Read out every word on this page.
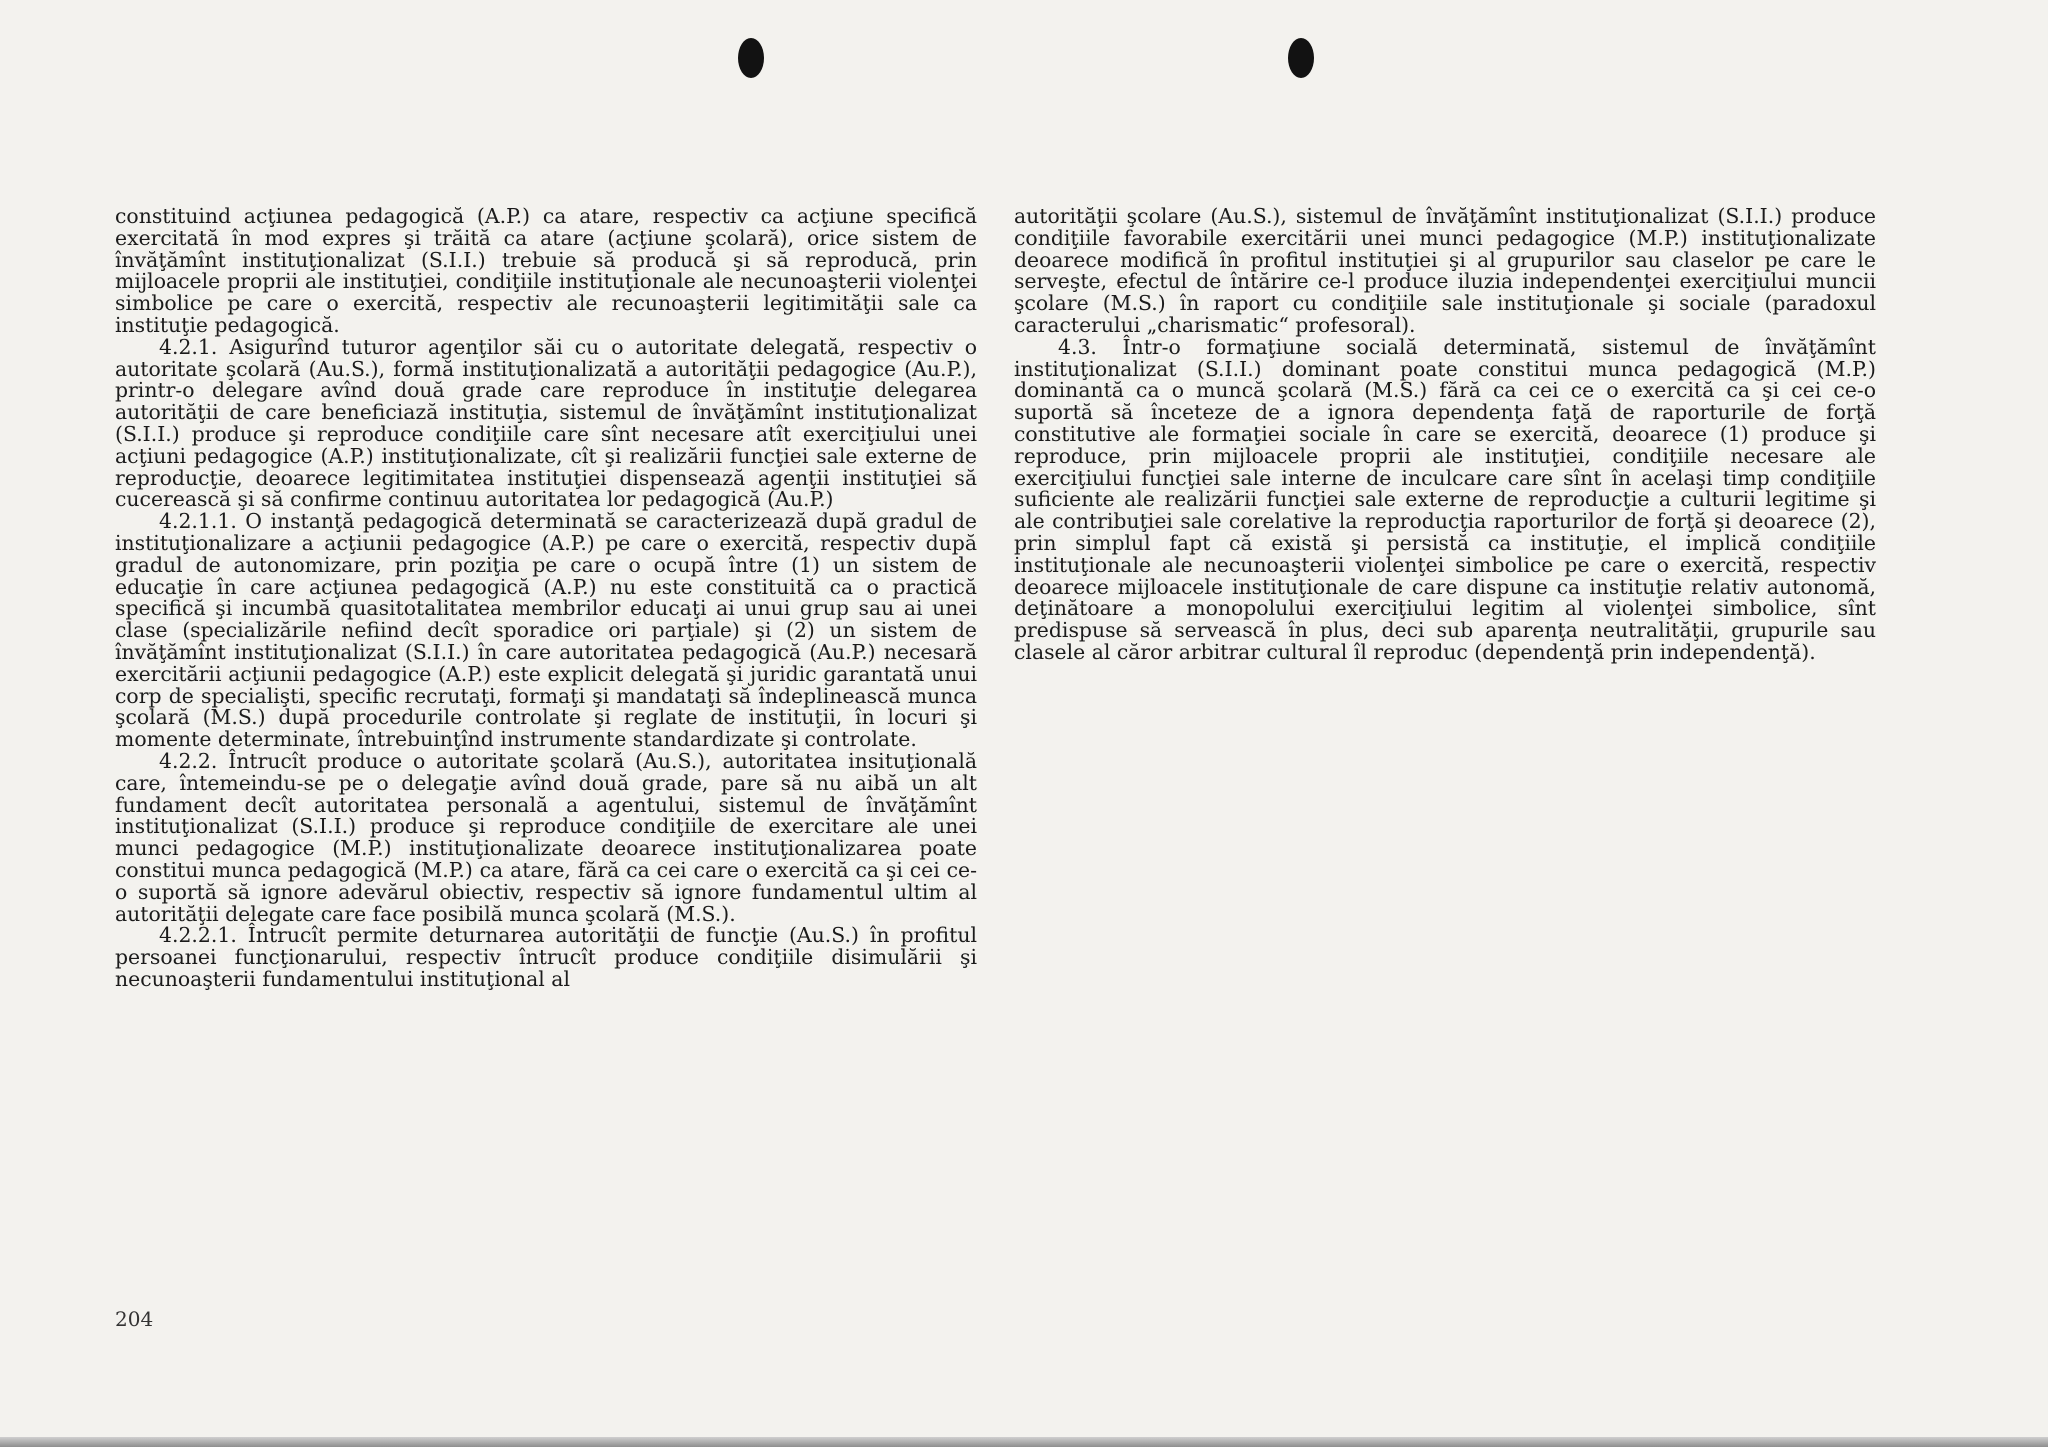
constituind acţiunea pedagogică (A.P.) ca atare, respectiv ca acţiune specifică exercitată în mod expres şi trăită ca atare (acţiune şcolară), orice sistem de învăţămînt instituţionalizat (S.I.I.) trebuie să producă şi să reproducă, prin mijloacele proprii ale instituţiei, condiţiile instituţionale ale necunoaşterii violenţei simbolice pe care o exercită, respectiv ale recunoaşterii legitimităţii sale ca instituţie pedagogică.

4.2.1. Asigurînd tuturor agenţilor săi cu o autoritate delegată, respectiv o autoritate şcolară (Au.S.), formă instituţionalizată a autorităţii pedagogice (Au.P.), printr-o delegare avînd două grade care reproduce în instituţie delegarea autorităţii de care beneficiază instituţia, sistemul de învăţămînt instituţionalizat (S.I.I.) produce şi reproduce condiţiile care sînt necesare atît exerciţiului unei acţiuni pedagogice (A.P.) instituţionalizate, cît şi realizării funcţiei sale externe de reproducţie, deoarece legitimitatea instituţiei dispensează agenţii instituţiei să cucerească şi să confirme continuu autoritatea lor pedagogică (Au.P.)

4.2.1.1. O instanţă pedagogică determinată se caracterizează după gradul de instituţionalizare a acţiunii pedagogice (A.P.) pe care o exercită, respectiv după gradul de autonomizare, prin poziţia pe care o ocupă între (1) un sistem de educaţie în care acţiunea pedagogică (A.P.) nu este constituită ca o practică specifică şi incumbă quasitotalitatea membrilor educaţi ai unui grup sau ai unei clase (specializările nefiind decît sporadice ori parţiale) şi (2) un sistem de învăţămînt instituţionalizat (S.I.I.) în care autoritatea pedagogică (Au.P.) necesară exercitării acţiunii pedagogice (A.P.) este explicit delegată şi juridic garantată unui corp de specialişti, specific recrutaţi, formaţi şi mandataţi să îndeplinească munca şcolară (M.S.) după procedurile controlate şi reglate de instituţii, în locuri şi momente determinate, întrebuinţînd instrumente standardizate şi controlate.

4.2.2. Întrucît produce o autoritate şcolară (Au.S.), autoritatea insituţională care, întemeindu-se pe o delegaţie avînd două grade, pare să nu aibă un alt fundament decît autoritatea personală a agentului, sistemul de învăţămînt instituţionalizat (S.I.I.) produce şi reproduce condiţiile de exercitare ale unei munci pedagogice (M.P.) instituţionalizate deoarece instituţionalizarea poate constitui munca pedagogică (M.P.) ca atare, fără ca cei care o exercită ca şi cei ce-o suportă să ignore adevărul obiectiv, respectiv să ignore fundamentul ultim al autorităţii delegate care face posibilă munca şcolară (M.S.).

4.2.2.1. Întrucît permite deturnarea autorităţii de funcţie (Au.S.) în profitul persoanei funcţionarului, respectiv întrucît produce condiţiile disimulării şi necunoaşterii fundamentului instituţional al

204

autorităţii şcolare (Au.S.), sistemul de învăţămînt instituţionalizat (S.I.I.) produce condiţiile favorabile exercitării unei munci pedagogice (M.P.) instituţionalizate deoarece modifică în profitul instituţiei şi al grupurilor sau claselor pe care le serveşte, efectul de întărire ce-l produce iluzia independenţei exerciţiului muncii şcolare (M.S.) în raport cu condiţiile sale instituţionale şi sociale (paradoxul caracterului „charismatic“ profesoral).

4.3. Într-o formaţiune socială determinată, sistemul de învăţămînt instituţionalizat (S.I.I.) dominant poate constitui munca pedagogică (M.P.) dominantă ca o muncă şcolară (M.S.) fără ca cei ce o exercită ca şi cei ce-o suportă să înceteze de a ignora dependenţa faţă de raporturile de forţă constitutive ale formaţiei sociale în care se exercită, deoarece (1) produce şi reproduce, prin mijloacele proprii ale instituţiei, condiţiile necesare ale exerciţiului funcţiei sale interne de inculcare care sînt în acelaşi timp condiţiile suficiente ale realizării funcţiei sale externe de reproducţie a culturii legitime şi ale contribuţiei sale corelative la reproducţia raporturilor de forţă şi deoarece (2), prin simplul fapt că există şi persistă ca instituţie, el implică condiţiile instituţionale ale necunoaşterii violenţei simbolice pe care o exercită, respectiv deoarece mijloacele instituţionale de care dispune ca instituţie relativ autonomă, deţinătoare a monopolului exerciţiului legitim al violenţei simbolice, sînt predispuse să servească în plus, deci sub aparenţa neutralităţii, grupurile sau clasele al căror arbitrar cultural îl reproduc (dependenţă prin independenţă).
